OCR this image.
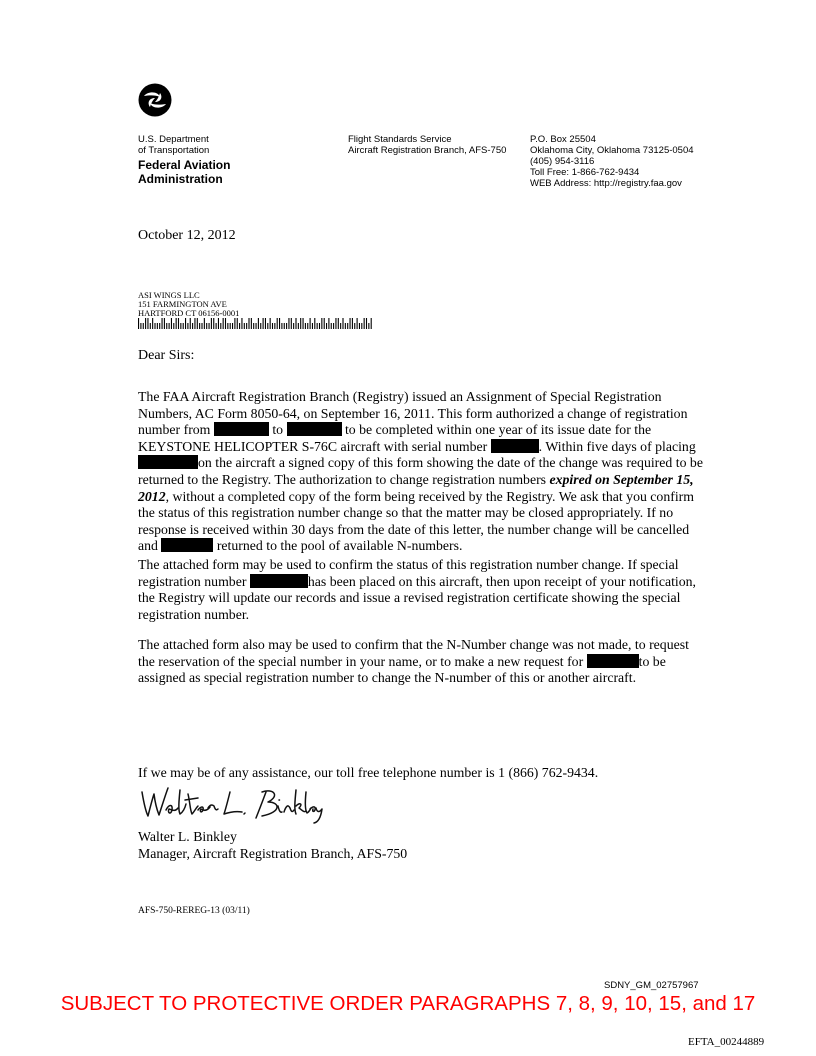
U.S. Department
of Transportation
Federal Aviation
Administration
Flight Standards Service
Aircraft Registration Branch, AFS-750
P.O. Box 25504
Oklahoma City, Oklahoma 73125-0504
(405) 954-3116
Toll Free: 1-866-762-9434
WEB Address: http://registry.faa.gov
October 12, 2012
ASI WINGS LLC
151 FARMINGTON AVE
HARTFORD CT 06156-0001
Dear Sirs:
The FAA Aircraft Registration Branch (Registry) issued an Assignment of Special Registration Numbers, AC Form 8050-64, on September 16, 2011. This form authorized a change of registration number from	to	to be completed within one year of its issue date for the KEYSTONE HELICOPTER S-76C aircraft with serial number	. Within five days of placing on the aircraft a signed copy of this form showing the date of the change was required to be returned to the Registry. The authorization to change registration numbers expired on September 15, 2012, without a completed copy of the form being received by the Registry. We ask that you confirm the status of this registration number change so that the matter may be closed appropriately. If no response is received within 30 days from the date of this letter, the number change will be cancelled and	returned to the pool of available N-numbers.
The attached form may be used to confirm the status of this registration number change. If special registration number	has been placed on this aircraft, then upon receipt of your notification, the Registry will update our records and issue a revised registration certificate showing the special registration number.
The attached form also may be used to confirm that the N-Number change was not made, to request the reservation of the special number in your name, or to make a new request for	to be assigned as special registration number to change the N-number of this or another aircraft.
If we may be of any assistance, our toll free telephone number is 1 (866) 762-9434.
Walter L. Binkley
Manager, Aircraft Registration Branch, AFS-750
AFS-750-REREG-13 (03/11)
SDNY_GM_02757967
SUBJECT TO PROTECTIVE ORDER PARAGRAPHS 7, 8, 9, 10, 15, and 17
EFTA_00244889
